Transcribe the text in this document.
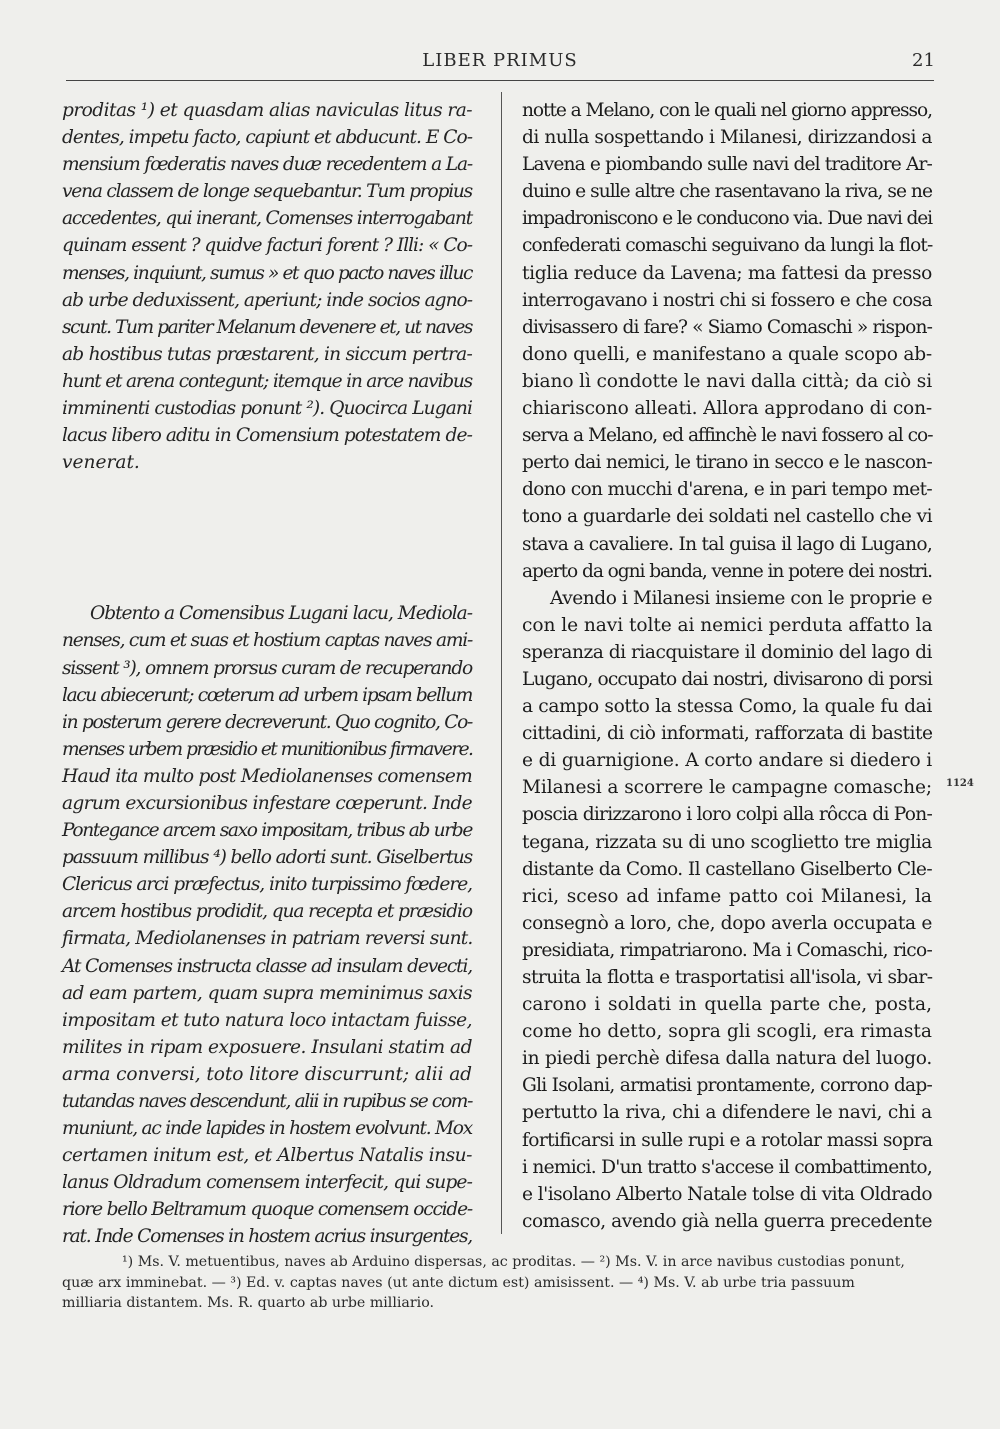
LIBER PRIMUS	21
proditas ¹) et quasdam alias naviculas litus ra-
dentes, impetu facto, capiunt et abducunt. E Co-
mensium fœderatis naves duæ recedentem a La-
vena classem de longe sequebantur. Tum propius
accedentes, qui inerant, Comenses interrogabant
quinam essent ? quidve facturi forent ? Illi: « Co-
menses, inquiunt, sumus » et quo pacto naves illuc
ab urbe deduxissent, aperiunt; inde socios agno-
scunt. Tum pariter Melanum devenere et, ut naves
ab hostibus tutas præstarent, in siccum pertra-
hunt et arena contegunt; itemque in arce navibus
imminenti custodias ponunt ²). Quocirca Lugani
lacus libero aditu in Comensium potestatem de-
venerat.
Obtento a Comensibus Lugani lacu, Mediola-
nenses, cum et suas et hostium captas naves ami-
sissent ³), omnem prorsus curam de recuperando
lacu abiecerunt; cœterum ad urbem ipsam bellum
in posterum gerere decreverunt. Quo cognito, Co-
menses urbem præsidio et munitionibus firmavere.
Haud ita multo post Mediolanenses comensem
agrum excursionibus infestare cœperunt. Inde
Pontegance arcem saxo impositam, tribus ab urbe
passuum millibus ⁴) bello adorti sunt. Giselbertus
Clericus arci præfectus, inito turpissimo fœdere,
arcem hostibus prodidit, qua recepta et præsidio
firmata, Mediolanenses in patriam reversi sunt.
At Comenses instructa classe ad insulam devecti,
ad eam partem, quam supra meminimus saxis
impositam et tuto natura loco intactam fuisse,
milites in ripam exposuere. Insulani statim ad
arma conversi, toto litore discurrunt; alii ad
tutandas naves descendunt, alii in rupibus se com-
muniunt, ac inde lapides in hostem evolvunt. Mox
certamen initum est, et Albertus Natalis insu-
lanus Oldradum comensem interfecit, qui supe-
riore bello Beltramum quoque comensem occide-
rat. Inde Comenses in hostem acrius insurgentes,
notte a Melano, con le quali nel giorno appresso,
di nulla sospettando i Milanesi, dirizzandosi a
Lavena e piombando sulle navi del traditore Ar-
duino e sulle altre che rasentavano la riva, se ne
impadroniscono e le conducono via. Due navi dei
confederati comaschi seguivano da lungi la flot-
tiglia reduce da Lavena; ma fattesi da presso
interrogavano i nostri chi si fossero e che cosa
divisassero di fare? « Siamo Comaschi » rispon-
dono quelli, e manifestano a quale scopo ab-
biano lì condotte le navi dalla città; da ciò si
chiariscono alleati. Allora approdano di con-
serva a Melano, ed affinchè le navi fossero al co-
perto dai nemici, le tirano in secco e le nascon-
dono con mucchi d'arena, e in pari tempo met-
tono a guardarle dei soldati nel castello che vi
stava a cavaliere. In tal guisa il lago di Lugano,
aperto da ogni banda, venne in potere dei nostri.
Avendo i Milanesi insieme con le proprie e
con le navi tolte ai nemici perduta affatto la
speranza di riacquistare il dominio del lago di
Lugano, occupato dai nostri, divisarono di porsi
a campo sotto la stessa Como, la quale fu dai
cittadini, di ciò informati, rafforzata di bastite
e di guarnigione. A corto andare si diedero i
Milanesi a scorrere le campagne comasche;
poscia dirizzarono i loro colpi alla rôcca di Pon-
tegana, rizzata su di uno scoglietto tre miglia
distante da Como. Il castellano Giselberto Cle-
rici, sceso ad infame patto coi Milanesi, la
consegnò a loro, che, dopo averla occupata e
presidiata, rimpatriarono. Ma i Comaschi, rico-
struita la flotta e trasportatisi all'isola, vi sbar-
carono i soldati in quella parte che, posta,
come ho detto, sopra gli scogli, era rimasta
in piedi perchè difesa dalla natura del luogo.
Gli Isolani, armatisi prontamente, corrono dap-
pertutto la riva, chi a difendere le navi, chi a
fortificarsi in sulle rupi e a rotolar massi sopra
i nemici. D'un tratto s'accese il combattimento,
e l'isolano Alberto Natale tolse di vita Oldrado
comasco, avendo già nella guerra precedente
1124
¹) Ms. V. metuentibus, naves ab Arduino dispersas, ac proditas. — ²) Ms. V. in arce navibus custodias ponunt,
quæ arx imminebat. — ³) Ed. v. captas naves (ut ante dictum est) amisissent. — ⁴) Ms. V. ab urbe tria passuum
milliaria distantem. Ms. R. quarto ab urbe milliario.
